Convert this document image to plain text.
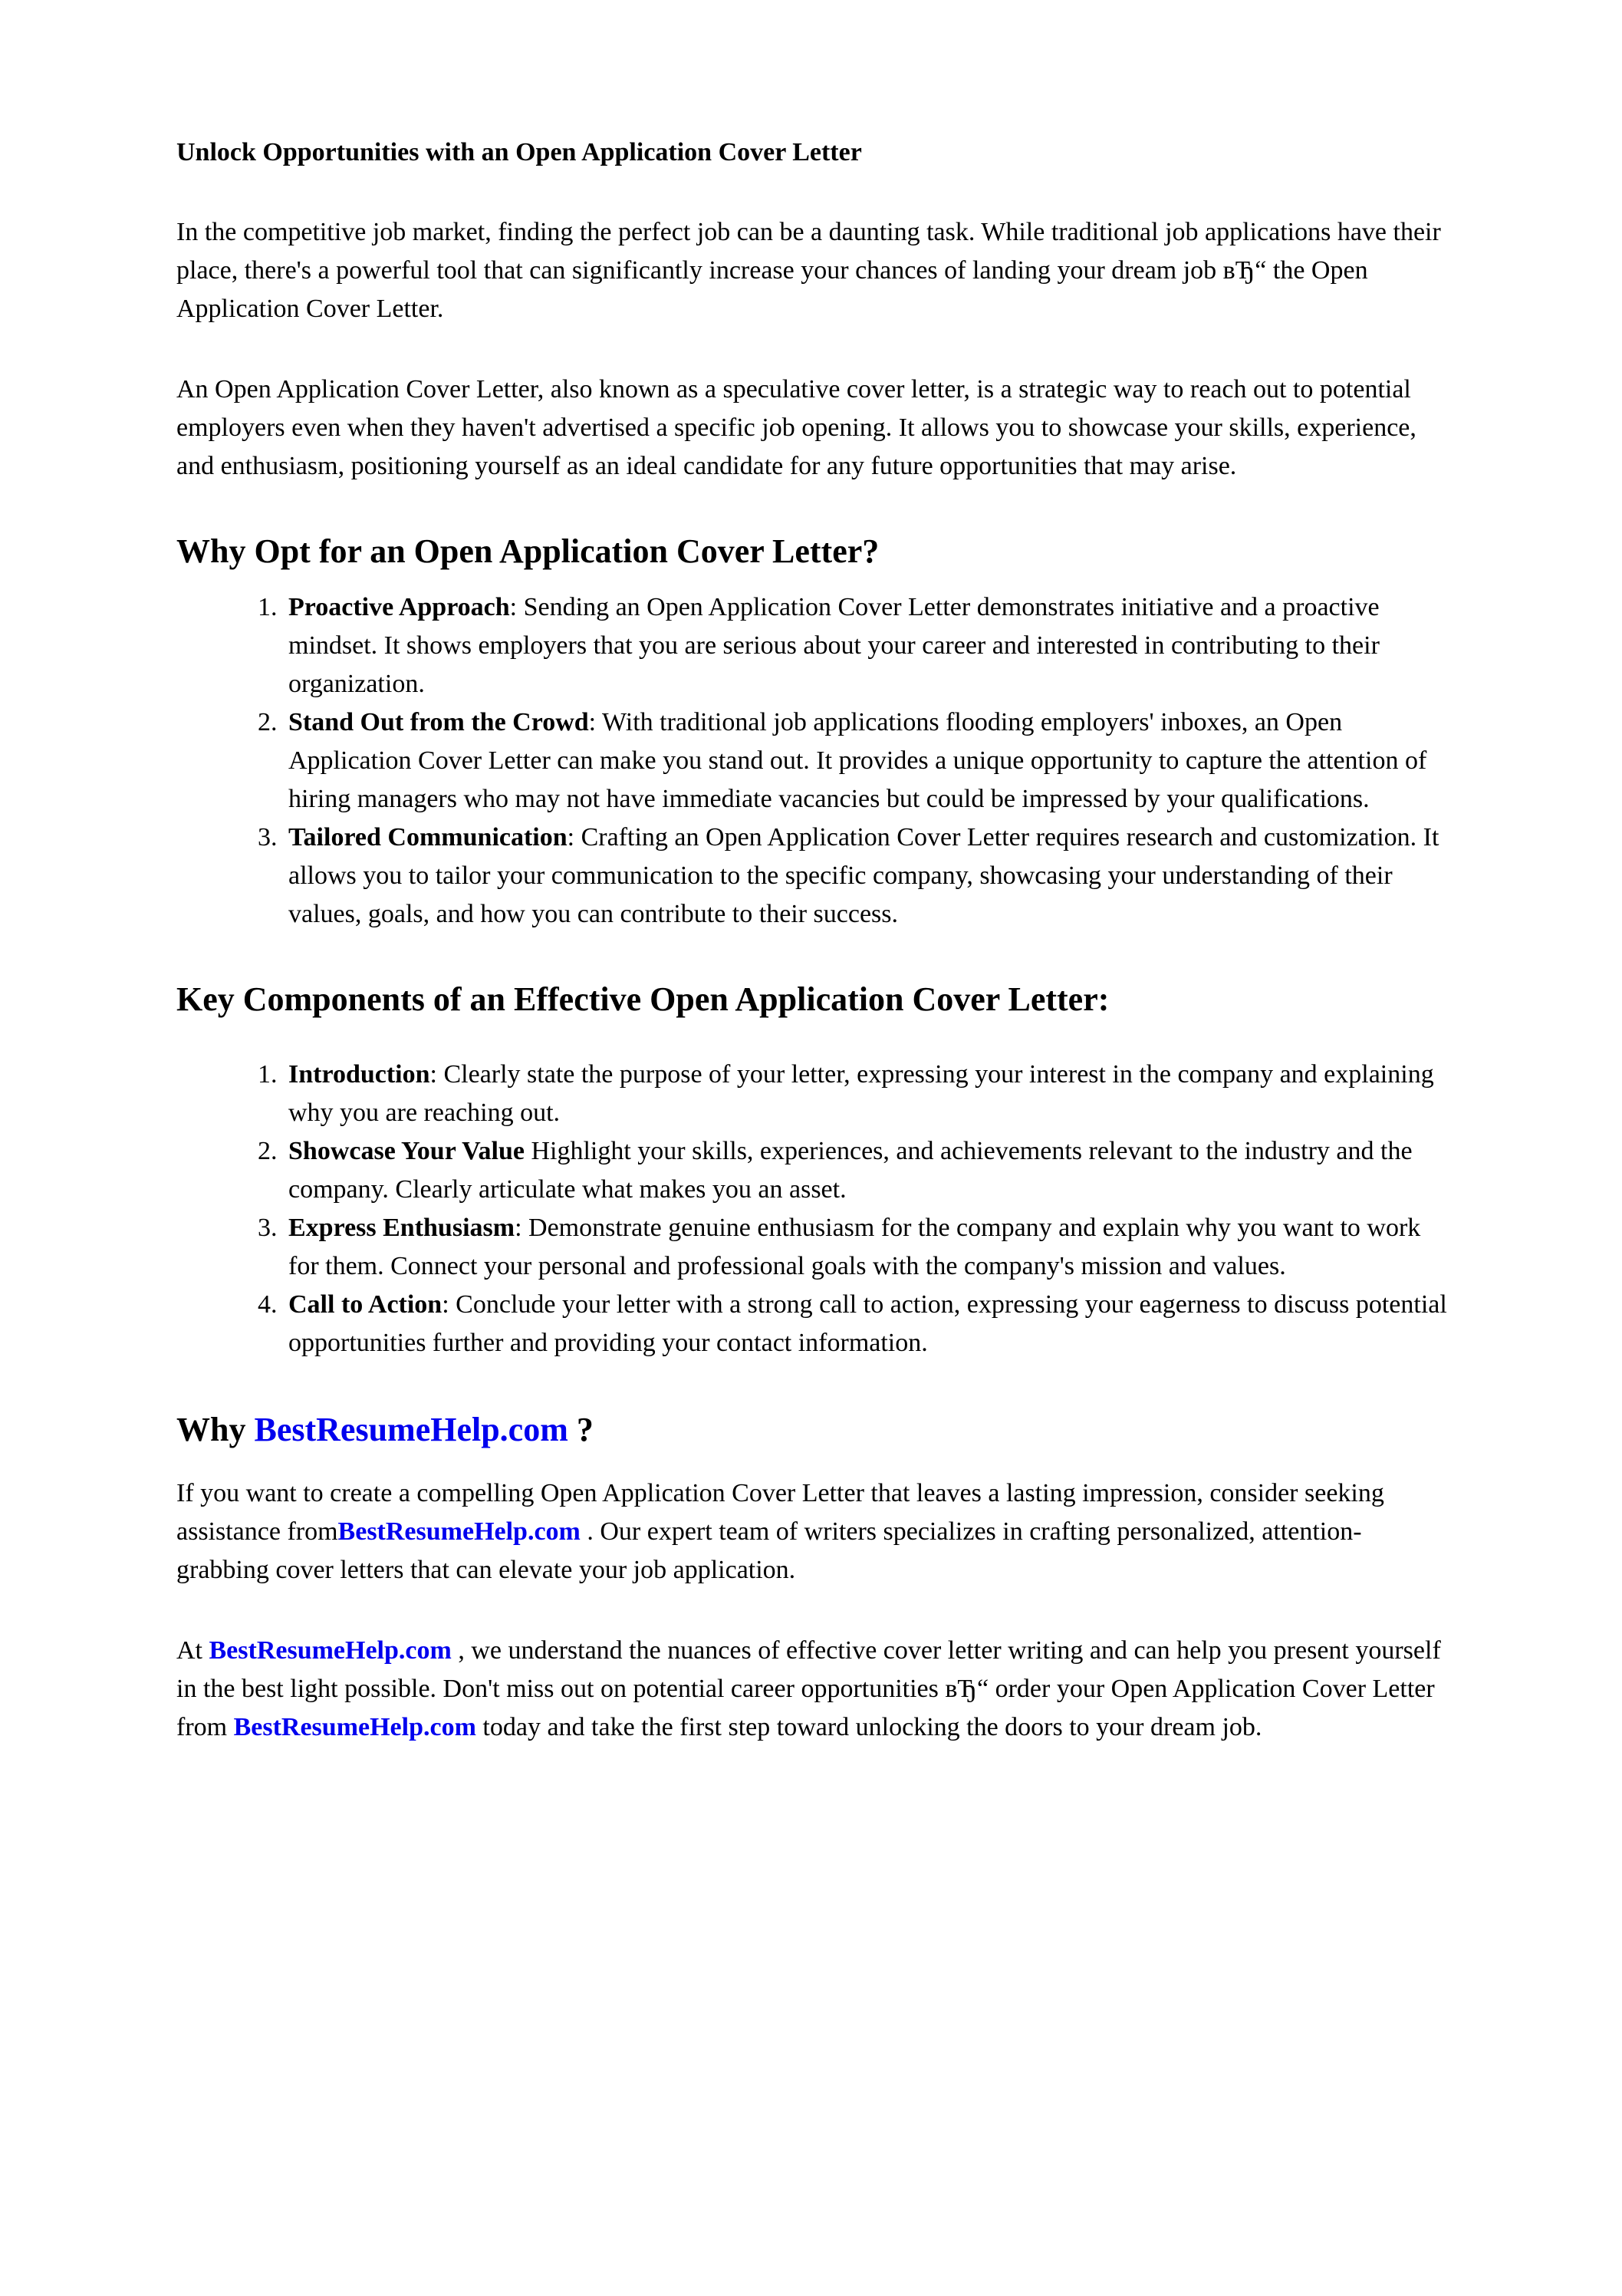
Unlock Opportunities with an Open Application Cover Letter

In the competitive job market, finding the perfect job can be a daunting task. While traditional job applications have their place, there's a powerful tool that can significantly increase your chances of landing your dream job вЂ“ the Open Application Cover Letter.

An Open Application Cover Letter, also known as a speculative cover letter, is a strategic way to reach out to potential employers even when they haven't advertised a specific job opening. It allows you to showcase your skills, experience, and enthusiasm, positioning yourself as an ideal candidate for any future opportunities that may arise.

Why Opt for an Open Application Cover Letter?
1. Proactive Approach: Sending an Open Application Cover Letter demonstrates initiative and a proactive mindset. It shows employers that you are serious about your career and interested in contributing to their organization.
2. Stand Out from the Crowd: With traditional job applications flooding employers' inboxes, an Open Application Cover Letter can make you stand out. It provides a unique opportunity to capture the attention of hiring managers who may not have immediate vacancies but could be impressed by your qualifications.
3. Tailored Communication: Crafting an Open Application Cover Letter requires research and customization. It allows you to tailor your communication to the specific company, showcasing your understanding of their values, goals, and how you can contribute to their success.
Key Components of an Effective Open Application Cover Letter:
1. Introduction: Clearly state the purpose of your letter, expressing your interest in the company and explaining why you are reaching out.
2. Showcase Your Value Highlight your skills, experiences, and achievements relevant to the industry and the company. Clearly articulate what makes you an asset.
3. Express Enthusiasm: Demonstrate genuine enthusiasm for the company and explain why you want to work for them. Connect your personal and professional goals with the company's mission and values.
4. Call to Action: Conclude your letter with a strong call to action, expressing your eagerness to discuss potential opportunities further and providing your contact information.
Why BestResumeHelp.com ?

If you want to create a compelling Open Application Cover Letter that leaves a lasting impression, consider seeking assistance fromBestResumeHelp.com . Our expert team of writers specializes in crafting personalized, attention-grabbing cover letters that can elevate your job application.

At BestResumeHelp.com , we understand the nuances of effective cover letter writing and can help you present yourself in the best light possible. Don't miss out on potential career opportunities вЂ“ order your Open Application Cover Letter from BestResumeHelp.com today and take the first step toward unlocking the doors to your dream job.
